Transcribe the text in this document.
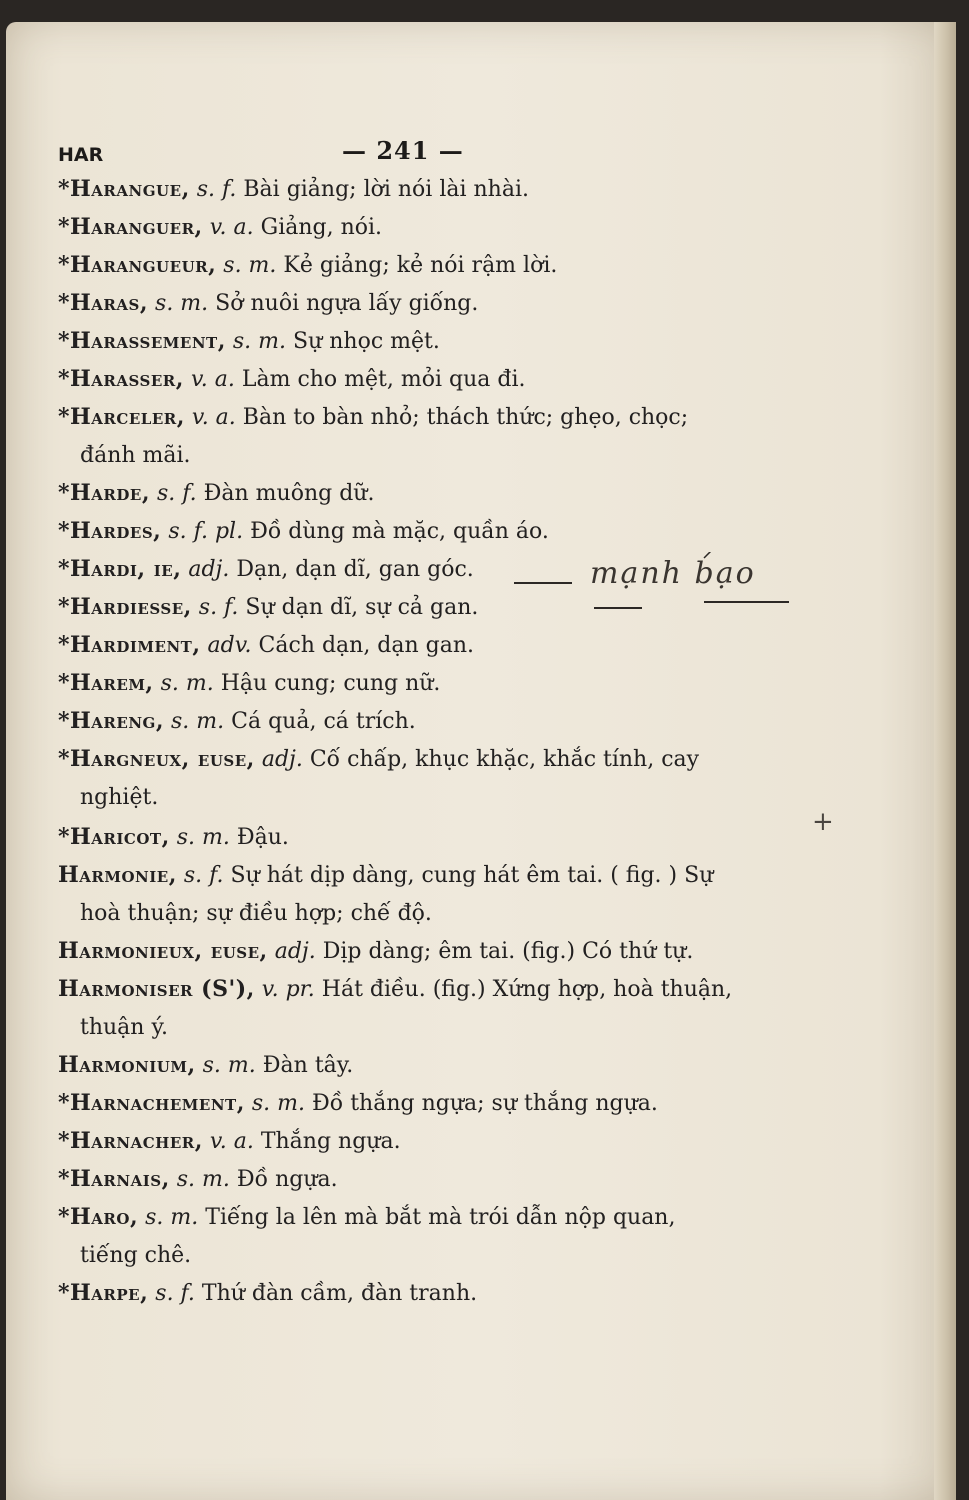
HAR	— 241 —
*Harangue, s. f. Bài giảng; lời nói lài nhài.
*Haranguer, v. a. Giảng, nói.
*Harangueur, s. m. Kẻ giảng; kẻ nói rậm lời.
*Haras, s. m. Sở nuôi ngựa lấy giống.
*Harassement, s. m. Sự nhọc mệt.
*Harasser, v. a. Làm cho mệt, mỏi qua đi.
*Harceler, v. a. Bàn to bàn nhỏ; thách thức; ghẹo, chọc;
đánh mãi.
*Harde, s. f. Đàn muông dữ.
*Hardes, s. f. pl. Đồ dùng mà mặc, quần áo.
*Hardi, ie, adj. Dạn, dạn dĩ, gan góc.
*Hardiesse, s. f. Sự dạn dĩ, sự cả gan.
*Hardiment, adv. Cách dạn, dạn gan.
*Harem, s. m. Hậu cung; cung nữ.
*Hareng, s. m. Cá quả, cá trích.
*Hargneux, euse, adj. Cố chấp, khục khặc, khắc tính, cay
nghiệt.
*Haricot, s. m. Đậu.
Harmonie, s. f. Sự hát dịp dàng, cung hát êm tai. ( fig. ) Sự
hoà thuận; sự điều hợp; chế độ.
Harmonieux, euse, adj. Dịp dàng; êm tai. (fig.) Có thứ tự.
Harmoniser (S'), v. pr. Hát điều. (fig.) Xứng hợp, hoà thuận,
thuận ý.
Harmonium, s. m. Đàn tây.
*Harnachement, s. m. Đồ thắng ngựa; sự thắng ngựa.
*Harnacher, v. a. Thắng ngựa.
*Harnais, s. m. Đồ ngựa.
*Haro, s. m. Tiếng la lên mà bắt mà trói dẫn nộp quan,
tiếng chê.
*Harpe, s. f. Thứ đàn cầm, đàn tranh.
mạnh bạo
+
